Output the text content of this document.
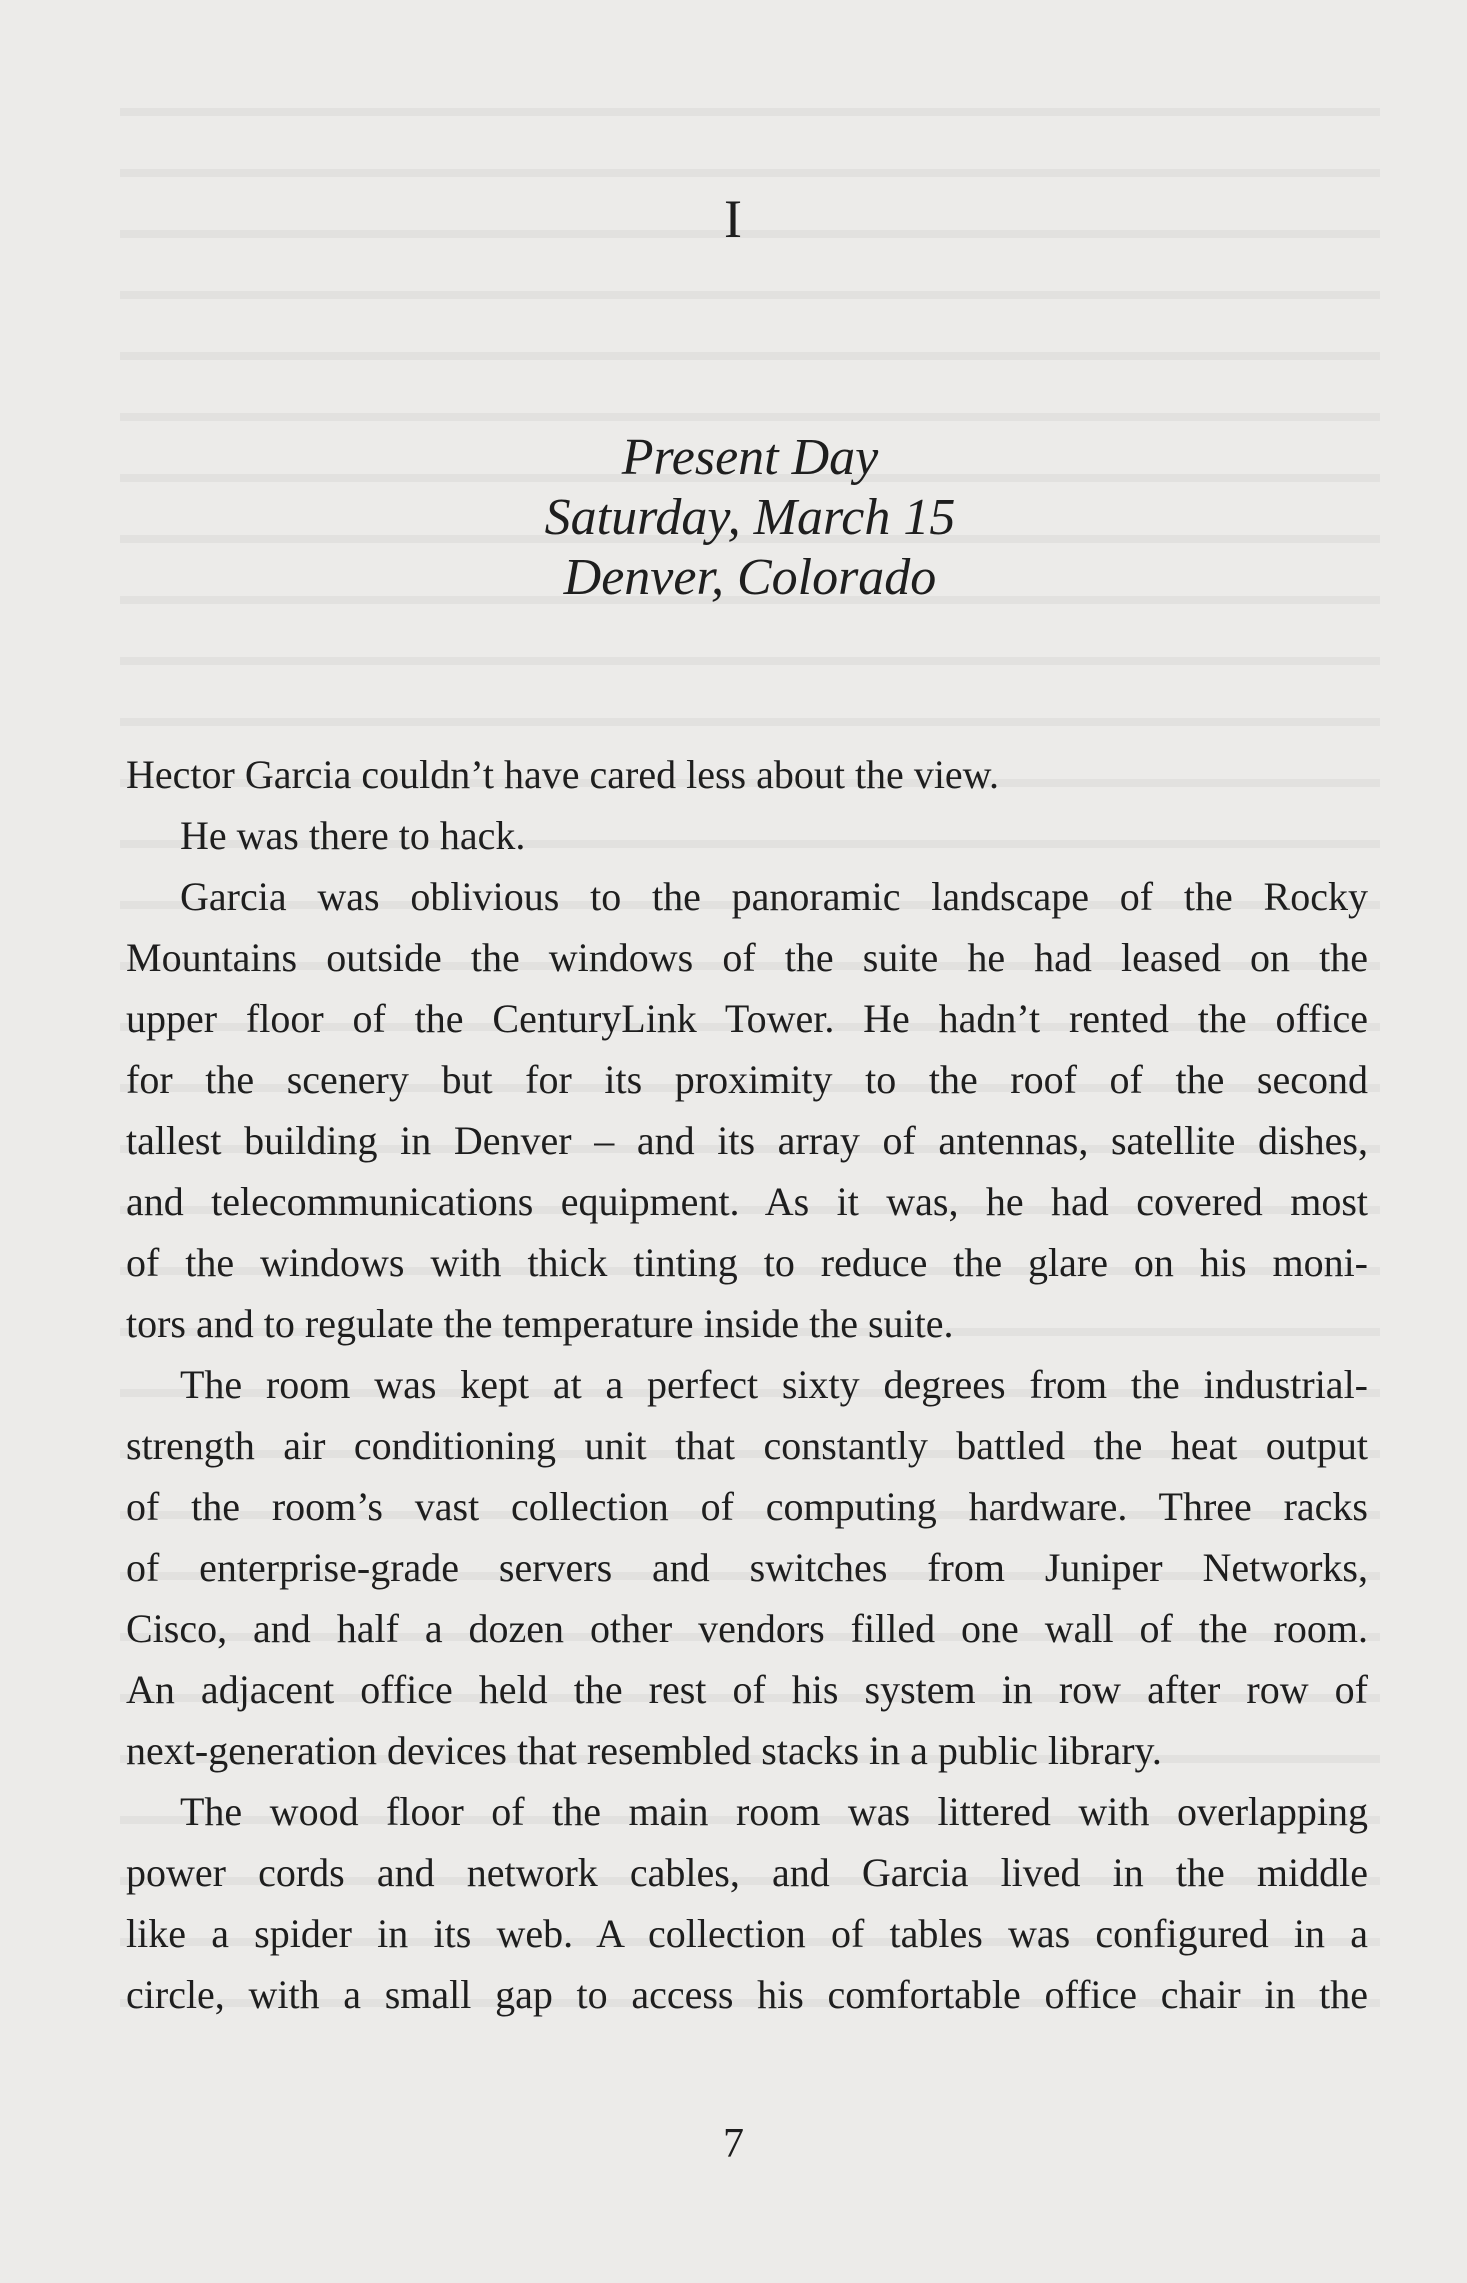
I
Present Day
Saturday, March 15
Denver, Colorado
Hector Garcia couldn’t have cared less about the view.
He was there to hack.
Garcia was oblivious to the panoramic landscape of the Rocky
Mountains outside the windows of the suite he had leased on the
upper floor of the CenturyLink Tower. He hadn’t rented the office
for the scenery but for its proximity to the roof of the second
tallest building in Denver – and its array of antennas, satellite dishes,
and telecommunications equipment. As it was, he had covered most
of the windows with thick tinting to reduce the glare on his moni-
tors and to regulate the temperature inside the suite.
The room was kept at a perfect sixty degrees from the industrial-
strength air conditioning unit that constantly battled the heat output
of the room’s vast collection of computing hardware. Three racks
of enterprise-grade servers and switches from Juniper Networks,
Cisco, and half a dozen other vendors filled one wall of the room.
An adjacent office held the rest of his system in row after row of
next-generation devices that resembled stacks in a public library.
The wood floor of the main room was littered with overlapping
power cords and network cables, and Garcia lived in the middle
like a spider in its web. A collection of tables was configured in a
circle, with a small gap to access his comfortable office chair in the
7
